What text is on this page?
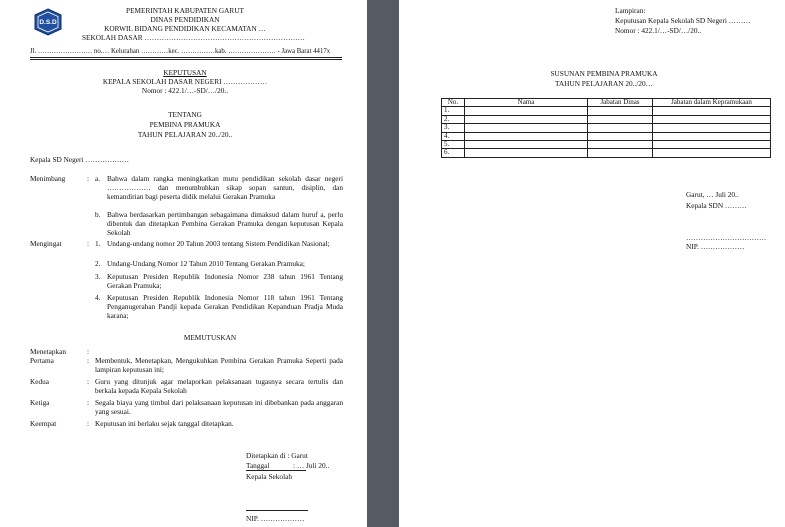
D.S.D
PEMERINTAH KABUPATEN GARUT
DINAS PENDIDIKAN
KORWIL BIDANG PENDIDIKAN KECAMATAN …
SEKOLAH DASAR …………………………………………………………
Jl. …………………… no.… Kelurahan …………kec. ……………kab. ………………… - Jawa Barat 4417x
KEPUTUSAN
KEPALA SEKOLAH DASAR NEGERI ………………
Nomor : 422.1/…-SD/…/20..
TENTANG
PEMBINA PRAMUKA
TAHUN PELAJARAN 20../20..
Kepala SD Negeri ………………
Menimbang	: a. Bahwa dalam rangka meningkatkan mutu pendidikan sekolah dasar negeri ……………… dan menumbuhkan sikap sopan santun, disiplin, dan kemandirian bagi peserta didik melalui Gerakan Pramuka
b. Bahwa berdasarkan pertimbangan sebagaimana dimaksud dalam huruf a, perlu dibentuk dan ditetapkan Pembina Gerakan Pramuka dengan keputusan Kepala Sekolah
Mengingat	: 1. Undang-undang nomor 20 Tahun 2003 tentang Sistem Pendidikan Nasional;
2. Undang-Undang Nomor 12 Tahun 2010 Tentang Gerakan Pramuka;
3. Keputusan Presiden Republik Indonesia Nomor 238 tahun 1961 Tentang Gerakan Pramuka;
4. Keputusan Presiden Republik Indonesia Nomor 118 tahun 1961 Tentang Penganugerahan Pandji kepada Gerakan Pendidikan Kepanduan Pradja Muda karana;
MEMUTUSKAN
Menetapkan	:
Pertama	: Membentuk, Menetapkan, Mengukuhkan Pembina Gerakan Pramuka Seperti pada lampiran keputusan ini;
Kedua	: Guru yang ditunjuk agar melaporkan pelaksanaan tugasnya secara tertulis dan berkala kepada Kepala Sekolah
Ketiga	: Segala biaya yang timbul dari pelaksanaan keputusan ini dibebankan pada anggaran yang sesuai.
Keempat	: Keputusan ini berlaku sejak tanggal ditetapkan.
Ditetapkan di : Garut
Tanggal	: … Juli 20..
Kepala Sekolah
NIP. ………………
Lampiran:
Keputusan Kepala Sekolah SD Negeri ………
Nomor : 422.1/…-SD/…/20..
SUSUNAN PEMBINA PRAMUKA
TAHUN PELAJARAN 20../20…
No.	Nama	Jabatan Dinas	Jabatan dalam Kepramukaan
1.			
2.			
3.			
4.			
5.			
6.			
Garut, … Juli 20..
Kepala SDN ………
……………………………
NIP. ………………
